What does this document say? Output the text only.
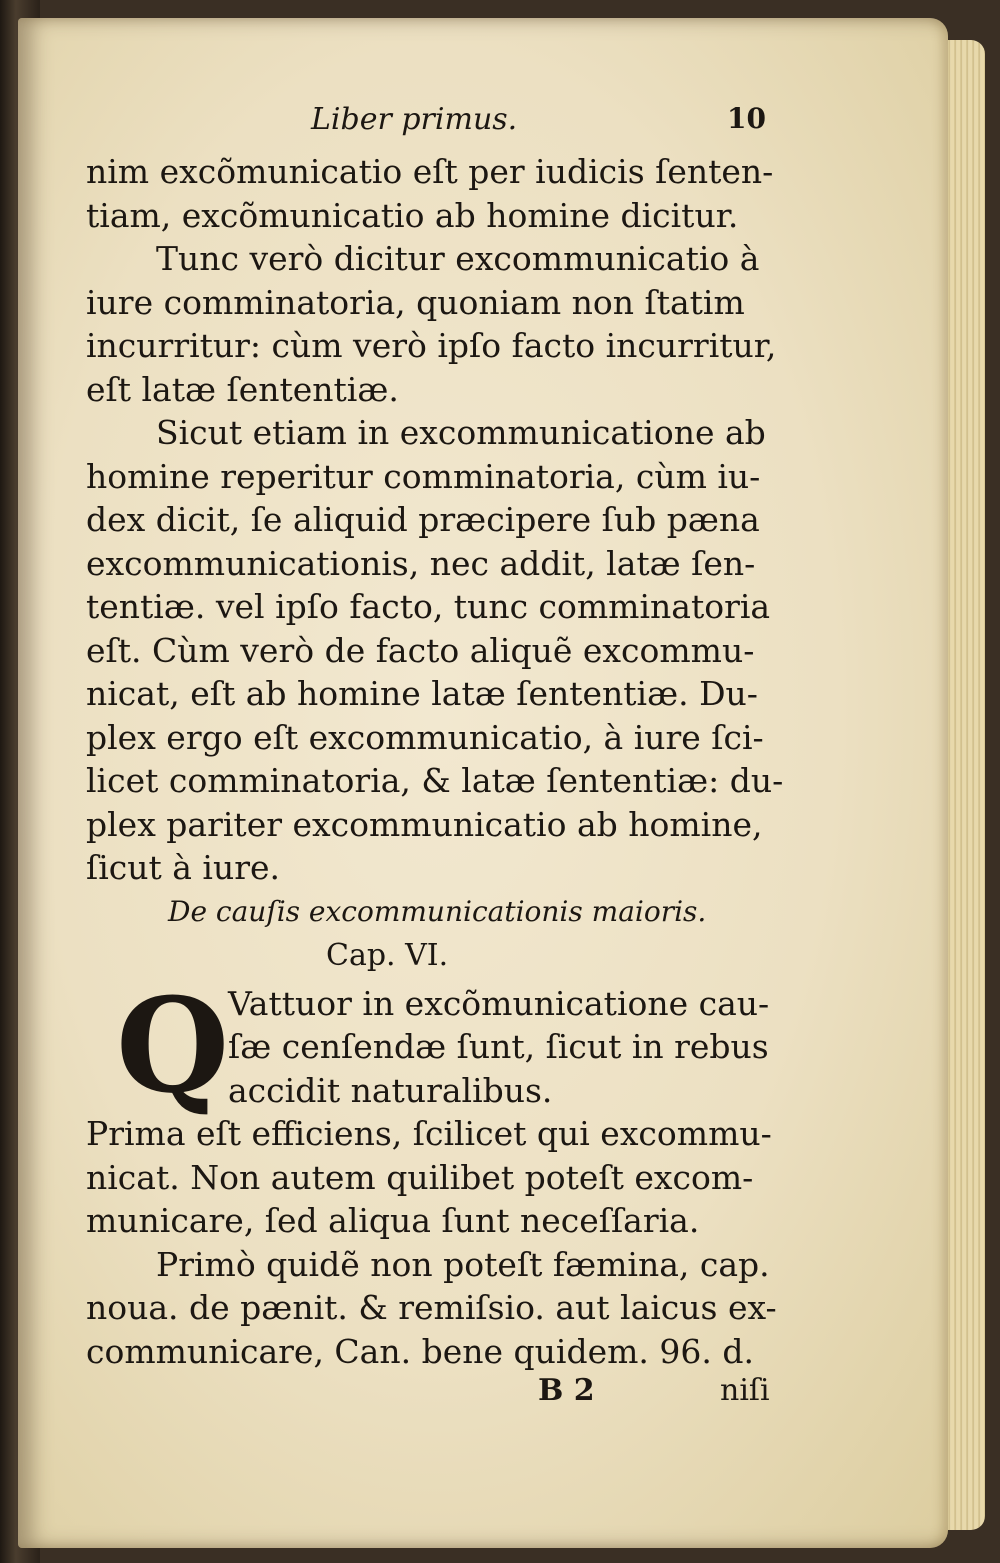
Liber primus.	10
nim excõmunicatio eſt per iudicis ſenten-
tiam, excõmunicatio ab homine dicitur.
Tunc verò dicitur excommunicatio à
iure comminatoria, quoniam non ſtatim
incurritur: cùm verò ipſo facto incurritur,
eſt latæ ſententiæ.
Sicut etiam in excommunicatione ab
homine reperitur comminatoria, cùm iu-
dex dicit, ſe aliquid præcipere ſub pæna
excommunicationis, nec addit, latæ ſen-
tentiæ. vel ipſo facto, tunc comminatoria
eſt. Cùm verò de facto aliquẽ excommu-
nicat, eſt ab homine latæ ſententiæ. Du-
plex ergo eſt excommunicatio, à iure ſci-
licet comminatoria, & latæ ſententiæ: du-
plex pariter excommunicatio ab homine,
ſicut à iure.
De cauſis excommunicationis maioris.
Cap. VI.
Q
Vattuor in excõmunicatione cau-
ſæ cenſendæ ſunt, ſicut in rebus
accidit naturalibus.
Prima eſt efficiens, ſcilicet qui excommu-
nicat. Non autem quilibet poteſt excom-
municare, ſed aliqua ſunt neceſſaria.
Primò quidẽ non poteſt fæmina, cap.
noua. de pænit. & remiſsio. aut laicus ex-
communicare, Can. bene quidem. 96. d.
B 2	niſi
